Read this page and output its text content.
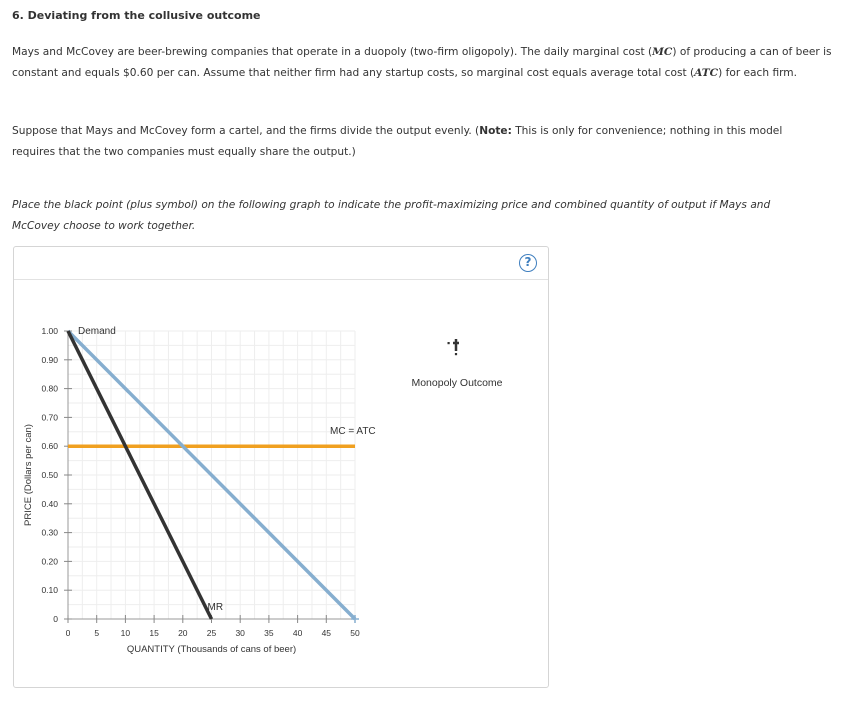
6. Deviating from the collusive outcome
Mays and McCovey are beer-brewing companies that operate in a duopoly (two-firm oligopoly). The daily marginal cost (MC) of producing a can of beer is constant and equals $0.60 per can. Assume that neither firm had any startup costs, so marginal cost equals average total cost (ATC) for each firm.
Suppose that Mays and McCovey form a cartel, and the firms divide the output evenly. (Note: This is only for convenience; nothing in this model requires that the two companies must equally share the output.)
Place the black point (plus symbol) on the following graph to indicate the profit-maximizing price and combined quantity of output if Mays and McCovey choose to work together.
?
0	5	10 15 20 25 30 35 40 45 50
0
0.10
0.20
0.30
0.40
0.50
0.60
0.70
0.80
0.90
1.00
QUANTITY (Thousands of cans of beer)
PRICE (Dollars per can)
Demand
MR
MC = ATC
Monopoly Outcome
